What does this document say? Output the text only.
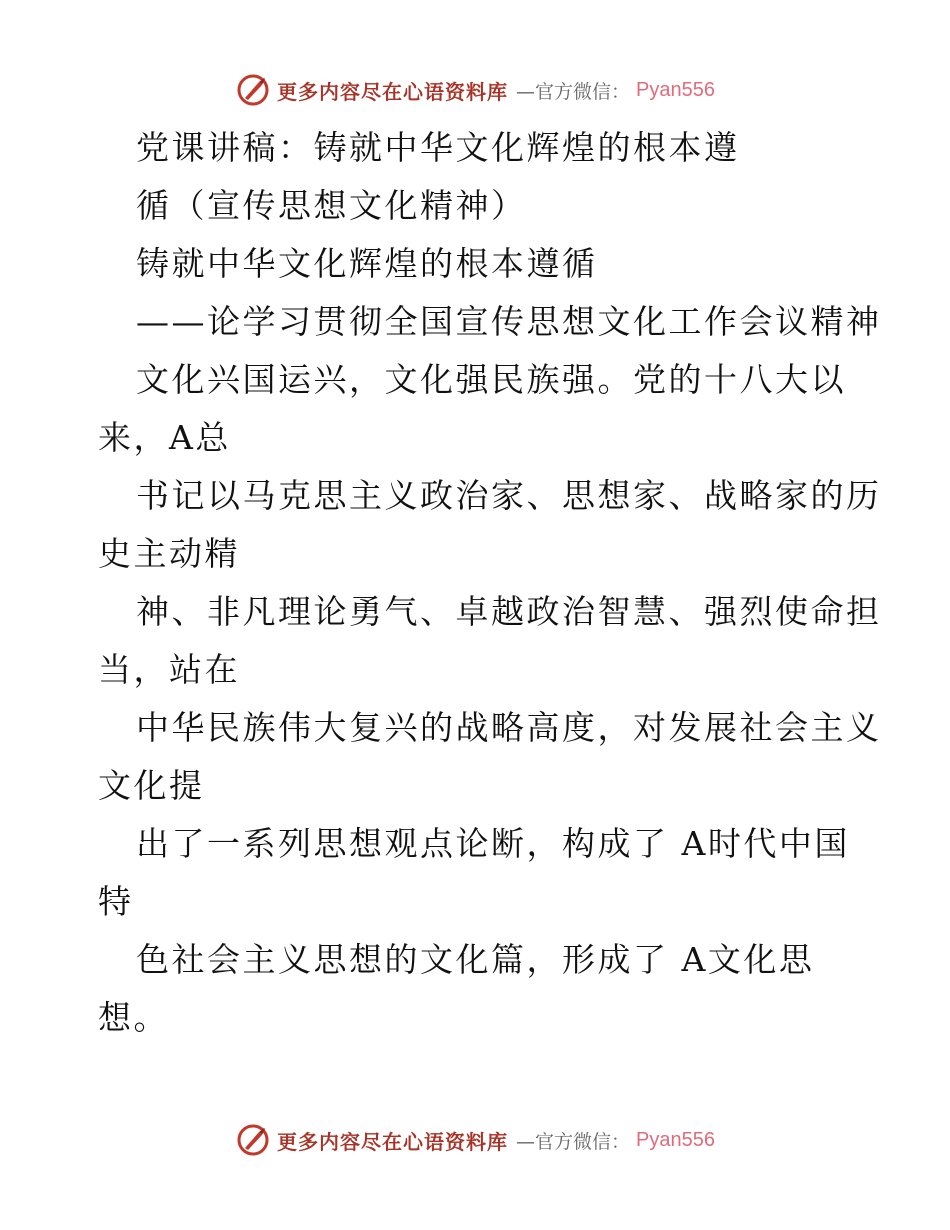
更多内容尽在心语资料库 —官方微信： Pyan556
党课讲稿：铸就中华文化辉煌的根本遵
循（宣传思想文化精神）
铸就中华文化辉煌的根本遵循
——论学习贯彻全国宣传思想文化工作会议精神
文化兴国运兴，文化强民族强。党的十八大以
来，A总
书记以马克思主义政治家、思想家、战略家的历
史主动精
神、非凡理论勇气、卓越政治智慧、强烈使命担
当，站在
中华民族伟大复兴的战略高度，对发展社会主义
文化提
出了一系列思想观点论断，构成了 A时代中国
特
色社会主义思想的文化篇，形成了 A文化思
想。
更多内容尽在心语资料库 —官方微信： Pyan556
